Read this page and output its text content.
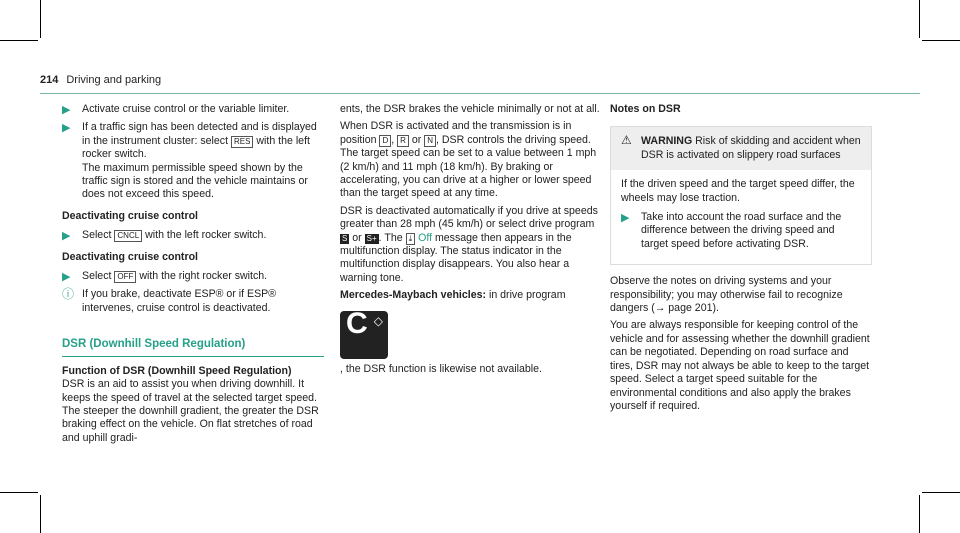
214 Driving and parking

▶ Activate cruise control or the variable limiter.

▶ If a traffic sign has been detected and is displayed in the instrument cluster: select RES with the left rocker switch.
The maximum permissible speed shown by the traffic sign is stored and the vehicle maintains or does not exceed this speed.

Deactivating cruise control

▶ Select CNCL with the left rocker switch.

Deactivating cruise control

▶ Select OFF with the right rocker switch.

ⓘ If you brake, deactivate ESP® or if ESP® intervenes, cruise control is deactivated.

DSR (Downhill Speed Regulation)

Function of DSR (Downhill Speed Regulation)

DSR is an aid to assist you when driving downhill. It keeps the speed of travel at the selected target speed. The steeper the downhill gradient, the greater the DSR braking effect on the vehicle. On flat stretches of road and uphill gradi-

ents, the DSR brakes the vehicle minimally or not at all.

When DSR is activated and the transmission is in position D , R or N , DSR controls the driving speed. The target speed can be set to a value between 1 mph (2 km/h) and 11 mph (18 km/h). By braking or accelerating, you can drive at a higher or lower speed than the target speed at any time.

DSR is deactivated automatically if you drive at speeds greater than 28 mph (45 km/h) or select drive program S or S+ . The ⤓ Off message then appears in the multifunction display. The status indicator in the multifunction display disappears. You also hear a warning tone.

Mercedes-Maybach vehicles: in drive program

C ◇

, the DSR function is likewise not available.

Notes on DSR

⚠ WARNING Risk of skidding and accident when DSR is activated on slippery road surfaces

If the driven speed and the target speed differ, the wheels may lose traction.

▶ Take into account the road surface and the difference between the driving speed and target speed before activating DSR.

Observe the notes on driving systems and your responsibility; you may otherwise fail to recognize dangers (→ page 201).

You are always responsible for keeping control of the vehicle and for assessing whether the downhill gradient can be negotiated. Depending on road surface and tires, DSR may not always be able to keep to the target speed. Select a target speed suitable for the environmental conditions and also apply the brakes yourself if required.
